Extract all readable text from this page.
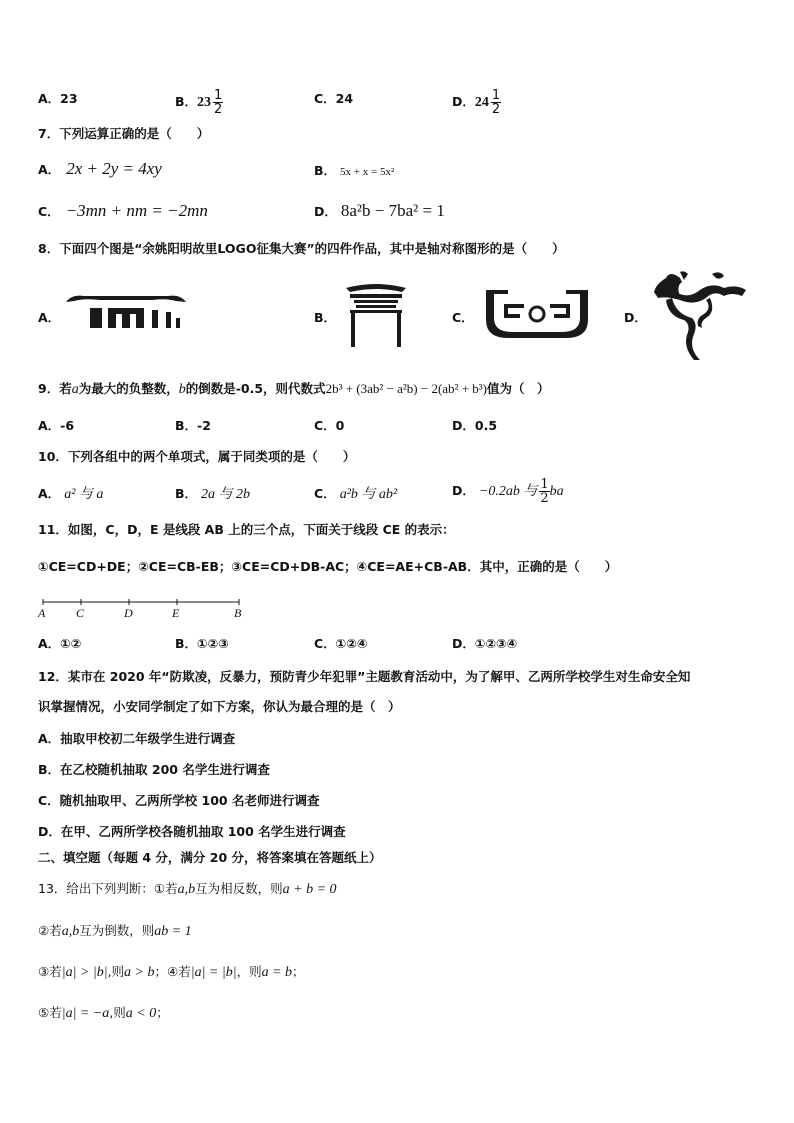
A．23	B．$23 \frac{1}{2}$	C．24	D．$24 \frac{1}{2}$
7．下列运算正确的是（　　）
A． 2x + 2y = 4xy	B． 5x + x = 5x²
C． −3mn + nm = −2mn	D． 8a²b − 7ba² = 1
8．下面四个图是“余姚阳明故里LOGO征集大赛”的四件作品，其中是轴对称图形的是（　　）
A．	B．	C．	D．
9．若a为最大的负整数，b的倒数是-0.5，则代数式2b³ + (3ab² − a²b) − 2(ab² + b³)值为（　）
A．-6	B．-2	C．0	D．0.5
10．下列各组中的两个单项式，属于同类项的是（　　）
A． a² 与 a	B． 2a 与 2b	C． a²b 与 ab²	D． −0.2ab 与 $\frac{1}{2}$ ba
11．如图，C，D，E 是线段 AB 上的三个点，下面关于线段 CE 的表示：
①CE=CD+DE；②CE=CB-EB；③CE=CD+DB-AC；④CE=AE+CB-AB．其中，正确的是（　　）
A	C	D	E	B
A．①②	B．①②③	C．①②④	D．①②③④
12．某市在 2020 年“防欺凌，反暴力，预防青少年犯罪”主题教育活动中，为了解甲、乙两所学校学生对生命安全知
识掌握情况，小安同学制定了如下方案，你认为最合理的是（　）
A．抽取甲校初二年级学生进行调查
B．在乙校随机抽取 200 名学生进行调查
C．随机抽取甲、乙两所学校 100 名老师进行调查
D．在甲、乙两所学校各随机抽取 100 名学生进行调查
二、填空题（每题 4 分，满分 20 分，将答案填在答题纸上）
13．给出下列判断：①若a,b互为相反数，则a + b = 0
②若a,b互为倒数，则ab = 1
③若|a| > |b|,则a > b；④若|a| = |b|，则a = b；
⑤若|a| = −a,则a < 0；
